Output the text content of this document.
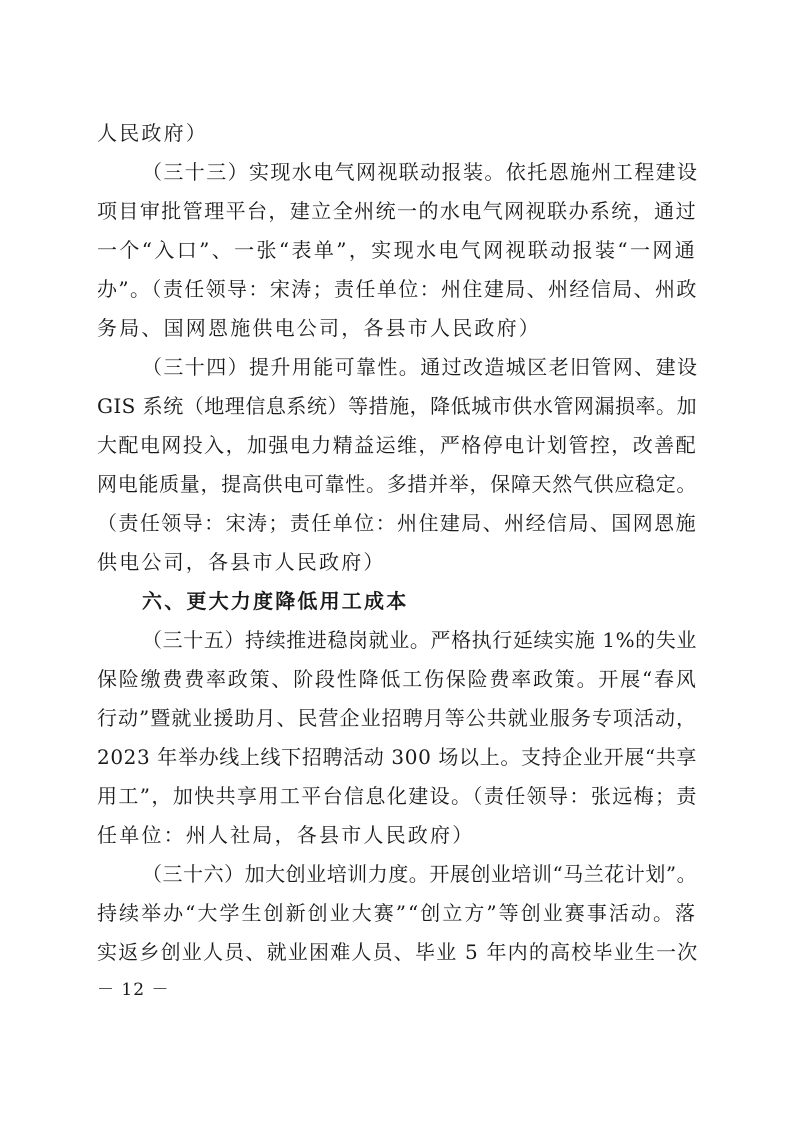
人民政府）
（三十三）实现水电气网视联动报装。依托恩施州工程建设
项目审批管理平台，建立全州统一的水电气网视联办系统，通过
一个“入口”、一张“表单”，实现水电气网视联动报装“一网通
办”。（责任领导：宋涛；责任单位：州住建局、州经信局、州政
务局、国网恩施供电公司，各县市人民政府）
（三十四）提升用能可靠性。通过改造城区老旧管网、建设
GIS 系统（地理信息系统）等措施，降低城市供水管网漏损率。加
大配电网投入，加强电力精益运维，严格停电计划管控，改善配
网电能质量，提高供电可靠性。多措并举，保障天然气供应稳定。
（责任领导：宋涛；责任单位：州住建局、州经信局、国网恩施
供电公司，各县市人民政府）
六、更大力度降低用工成本
（三十五）持续推进稳岗就业。严格执行延续实施 1%的失业
保险缴费费率政策、阶段性降低工伤保险费率政策。开展“春风
行动”暨就业援助月、民营企业招聘月等公共就业服务专项活动，
2023 年举办线上线下招聘活动 300 场以上。支持企业开展“共享
用工”，加快共享用工平台信息化建设。（责任领导：张远梅；责
任单位：州人社局，各县市人民政府）
（三十六）加大创业培训力度。开展创业培训“马兰花计划”。
持续举办“大学生创新创业大赛”“创立方”等创业赛事活动。落
实返乡创业人员、就业困难人员、毕业 5 年内的高校毕业生一次
－ 12 －
